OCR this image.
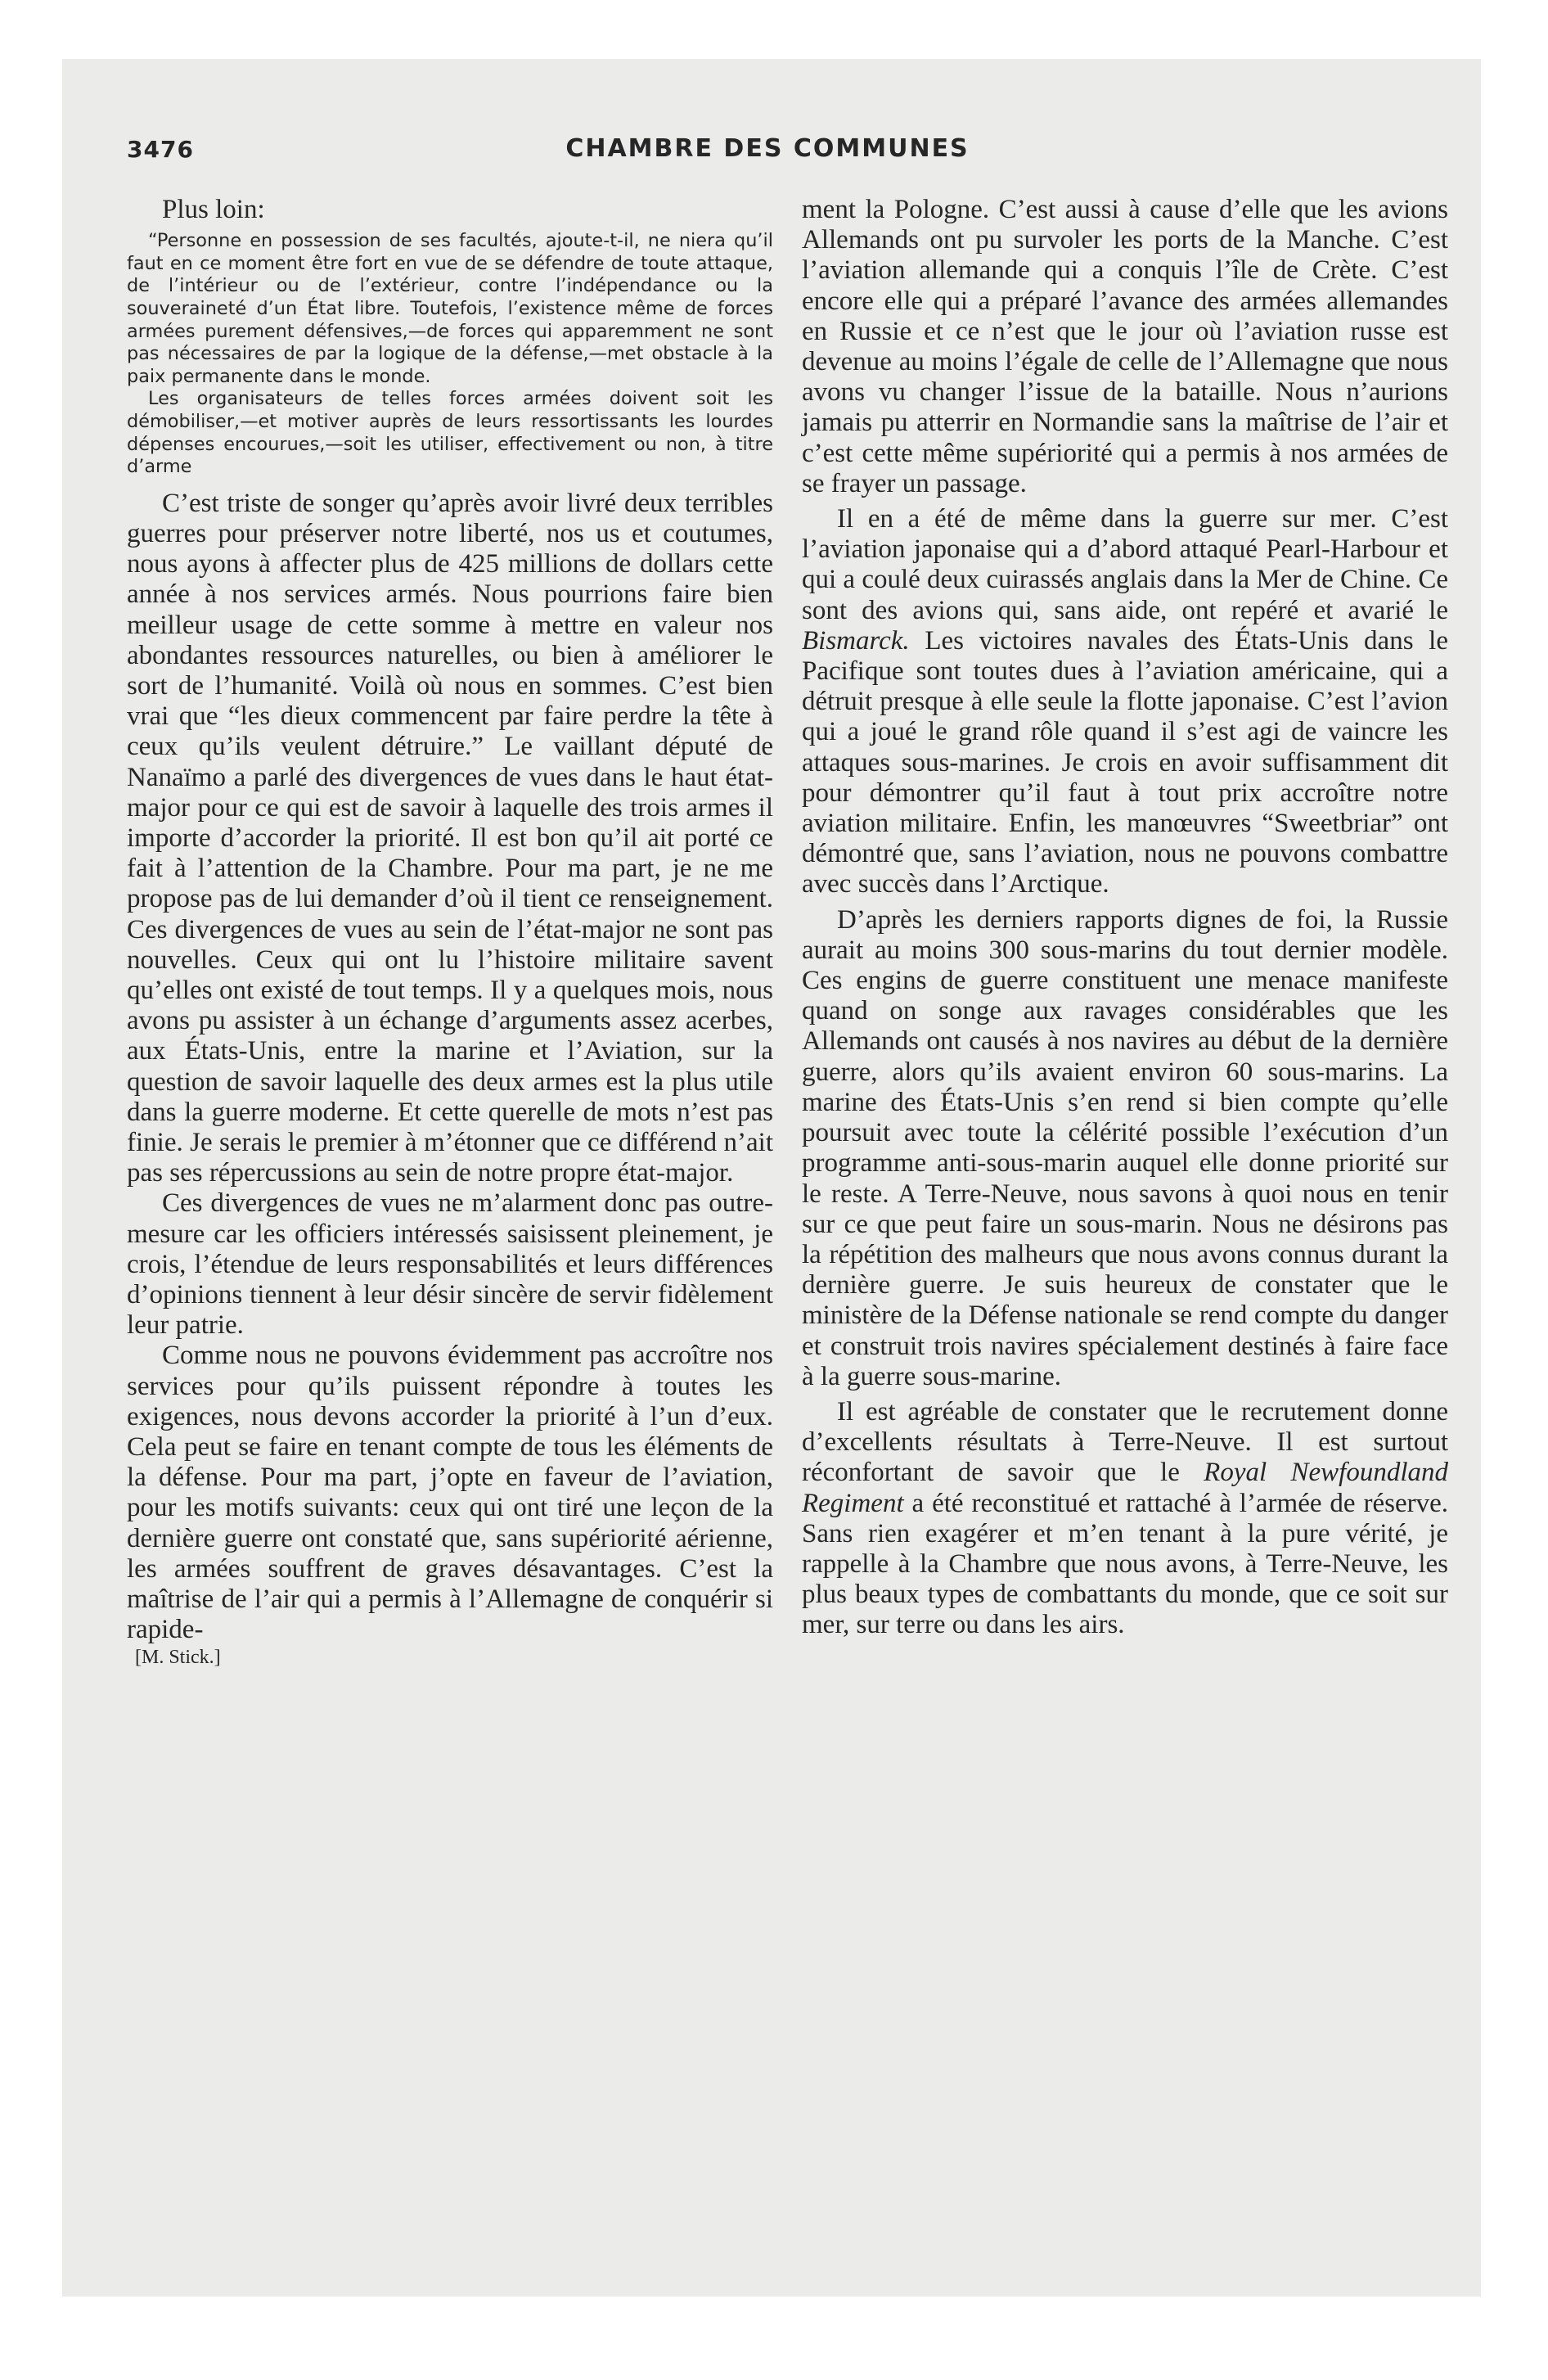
3476	CHAMBRE DES COMMUNES

Plus loin:

“Personne en possession de ses facultés, ajoute-t-il, ne niera qu’il faut en ce moment être fort en vue de se défendre de toute attaque, de l’intérieur ou de l’extérieur, contre l’indépendance ou la souveraineté d’un État libre. Toutefois, l’existence même de forces armées purement défensives,—de forces qui apparemment ne sont pas nécessaires de par la logique de la défense,—met obstacle à la paix permanente dans le monde.

Les organisateurs de telles forces armées doivent soit les démobiliser,—et motiver auprès de leurs ressortissants les lourdes dépenses encourues,—soit les utiliser, effectivement ou non, à titre d’arme

C’est triste de songer qu’après avoir livré deux terribles guerres pour préserver notre liberté, nos us et coutumes, nous ayons à affecter plus de 425 millions de dollars cette année à nos services armés. Nous pourrions faire bien meilleur usage de cette somme à mettre en valeur nos abondantes ressources naturelles, ou bien à améliorer le sort de l’humanité. Voilà où nous en sommes. C’est bien vrai que “les dieux commencent par faire perdre la tête à ceux qu’ils veulent détruire.” Le vaillant député de Nanaïmo a parlé des divergences de vues dans le haut état-major pour ce qui est de savoir à laquelle des trois armes il importe d’accorder la priorité. Il est bon qu’il ait porté ce fait à l’attention de la Chambre. Pour ma part, je ne me propose pas de lui demander d’où il tient ce renseignement. Ces divergences de vues au sein de l’état-major ne sont pas nouvelles. Ceux qui ont lu l’histoire militaire savent qu’elles ont existé de tout temps. Il y a quelques mois, nous avons pu assister à un échange d’arguments assez acerbes, aux États-Unis, entre la marine et l’Aviation, sur la question de savoir laquelle des deux armes est la plus utile dans la guerre moderne. Et cette querelle de mots n’est pas finie. Je serais le premier à m’étonner que ce différend n’ait pas ses répercussions au sein de notre propre état-major.

Ces divergences de vues ne m’alarment donc pas outre-mesure car les officiers intéressés saisissent pleinement, je crois, l’étendue de leurs responsabilités et leurs différences d’opinions tiennent à leur désir sincère de servir fidèlement leur patrie.

Comme nous ne pouvons évidemment pas accroître nos services pour qu’ils puissent répondre à toutes les exigences, nous devons accorder la priorité à l’un d’eux. Cela peut se faire en tenant compte de tous les éléments de la défense. Pour ma part, j’opte en faveur de l’aviation, pour les motifs suivants: ceux qui ont tiré une leçon de la dernière guerre ont constaté que, sans supériorité aérienne, les armées souffrent de graves désavantages. C’est la maîtrise de l’air qui a permis à l’Allemagne de conquérir si rapide-

[M. Stick.]

ment la Pologne. C’est aussi à cause d’elle que les avions Allemands ont pu survoler les ports de la Manche. C’est l’aviation allemande qui a conquis l’île de Crète. C’est encore elle qui a préparé l’avance des armées allemandes en Russie et ce n’est que le jour où l’aviation russe est devenue au moins l’égale de celle de l’Allemagne que nous avons vu changer l’issue de la bataille. Nous n’aurions jamais pu atterrir en Normandie sans la maîtrise de l’air et c’est cette même supériorité qui a permis à nos armées de se frayer un passage.

Il en a été de même dans la guerre sur mer. C’est l’aviation japonaise qui a d’abord attaqué Pearl-Harbour et qui a coulé deux cuirassés anglais dans la Mer de Chine. Ce sont des avions qui, sans aide, ont repéré et avarié le Bismarck. Les victoires navales des États-Unis dans le Pacifique sont toutes dues à l’aviation américaine, qui a détruit presque à elle seule la flotte japonaise. C’est l’avion qui a joué le grand rôle quand il s’est agi de vaincre les attaques sous-marines. Je crois en avoir suffisamment dit pour démontrer qu’il faut à tout prix accroître notre aviation militaire. Enfin, les manœuvres “Sweetbriar” ont démontré que, sans l’aviation, nous ne pouvons combattre avec succès dans l’Arctique.

D’après les derniers rapports dignes de foi, la Russie aurait au moins 300 sous-marins du tout dernier modèle. Ces engins de guerre constituent une menace manifeste quand on songe aux ravages considérables que les Allemands ont causés à nos navires au début de la dernière guerre, alors qu’ils avaient environ 60 sous-marins. La marine des États-Unis s’en rend si bien compte qu’elle poursuit avec toute la célérité possible l’exécution d’un programme anti-sous-marin auquel elle donne priorité sur le reste. A Terre-Neuve, nous savons à quoi nous en tenir sur ce que peut faire un sous-marin. Nous ne désirons pas la répétition des malheurs que nous avons connus durant la dernière guerre. Je suis heureux de constater que le ministère de la Défense nationale se rend compte du danger et construit trois navires spécialement destinés à faire face à la guerre sous-marine.

Il est agréable de constater que le recrutement donne d’excellents résultats à Terre-Neuve. Il est surtout réconfortant de savoir que le Royal Newfoundland Regiment a été reconstitué et rattaché à l’armée de réserve. Sans rien exagérer et m’en tenant à la pure vérité, je rappelle à la Chambre que nous avons, à Terre-Neuve, les plus beaux types de combattants du monde, que ce soit sur mer, sur terre ou dans les airs.
